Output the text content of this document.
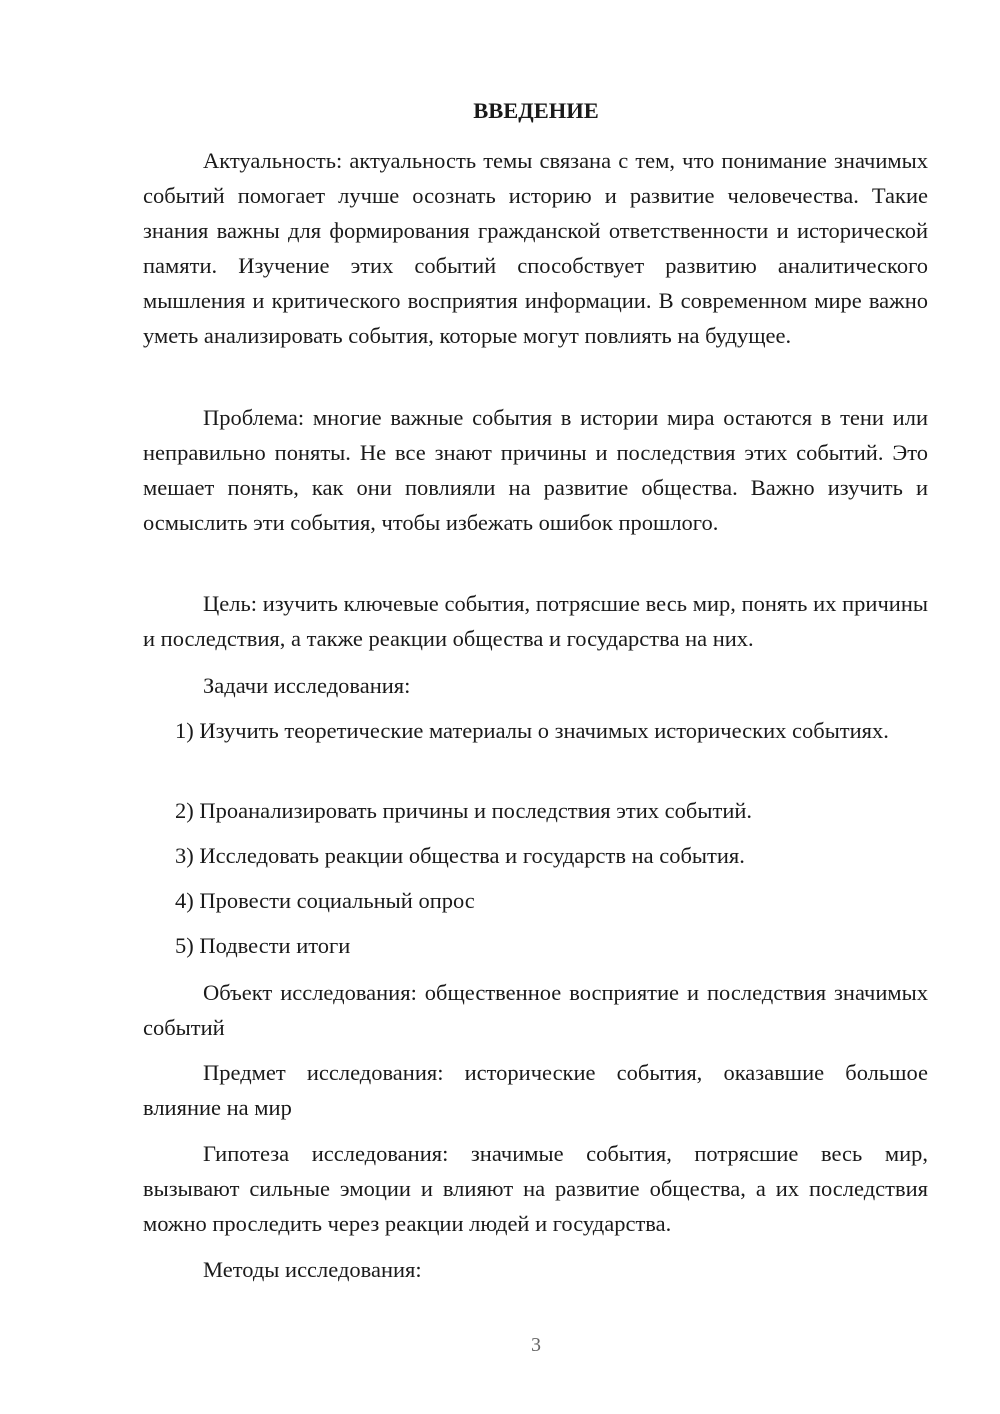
ВВЕДЕНИЕ

Актуальность: актуальность темы связана с тем, что понимание значимых событий помогает лучше осознать историю и развитие человечества. Такие знания важны для формирования гражданской ответственности и исторической памяти. Изучение этих событий способствует развитию аналитического мышления и критического восприятия информации. В современном мире важно уметь анализировать события, которые могут повлиять на будущее.

Проблема: многие важные события в истории мира остаются в тени или неправильно поняты. Не все знают причины и последствия этих событий. Это мешает понять, как они повлияли на развитие общества. Важно изучить и осмыслить эти события, чтобы избежать ошибок прошлого.

Цель: изучить ключевые события, потрясшие весь мир, понять их причины и последствия, а также реакции общества и государства на них.

Задачи исследования:

1) Изучить теоретические материалы о значимых исторических событиях.

2) Проанализировать причины и последствия этих событий.

3) Исследовать реакции общества и государств на события.

4) Провести социальный опрос

5) Подвести итоги

Объект исследования: общественное восприятие и последствия значимых событий

Предмет исследования: исторические события, оказавшие большое влияние на мир

Гипотеза исследования: значимые события, потрясшие весь мир, вызывают сильные эмоции и влияют на развитие общества, а их последствия можно проследить через реакции людей и государства.

Методы исследования:

3
